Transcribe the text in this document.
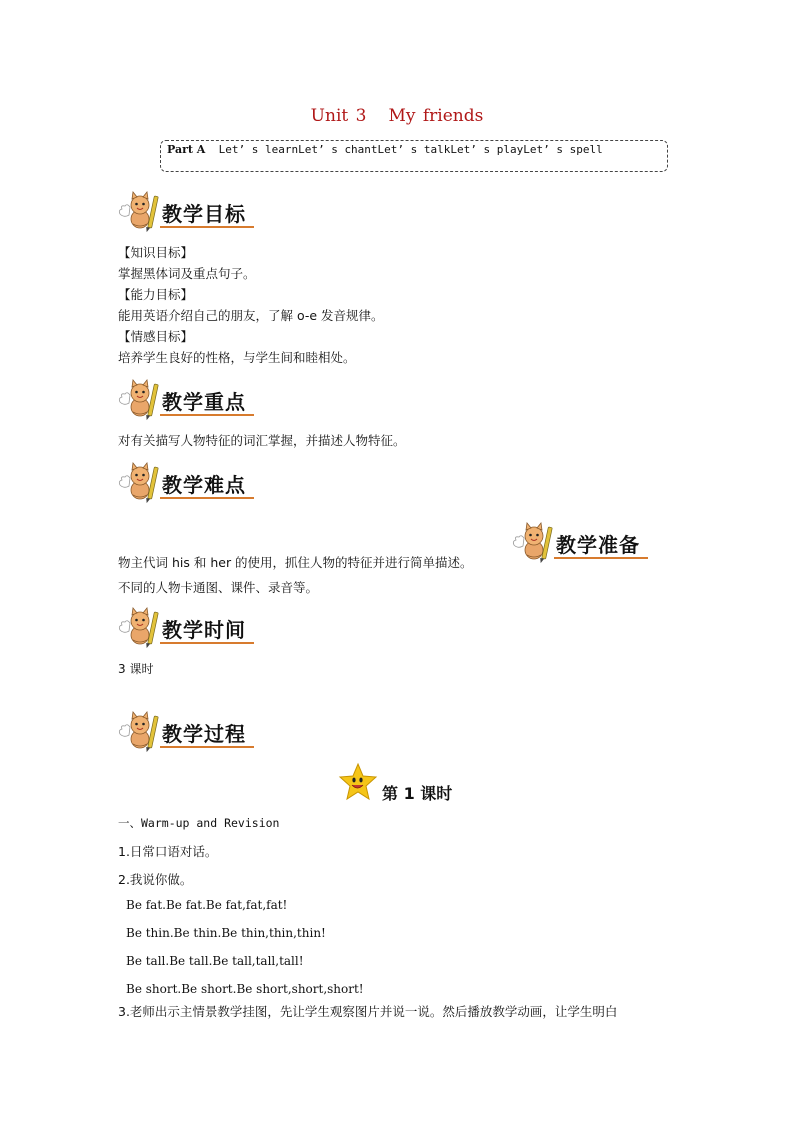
Unit 3 My friends
Part A Let’ s learnLet’ s chantLet’ s talkLet’ s playLet’ s spell
教学目标
【知识目标】
掌握黑体词及重点句子。
【能力目标】
能用英语介绍自己的朋友，了解 o-e 发音规律。
【情感目标】
培养学生良好的性格，与学生间和睦相处。
教学重点
对有关描写人物特征的词汇掌握，并描述人物特征。
教学难点
物主代词 his 和 her 的使用，抓住人物的特征并进行简单描述。
教学准备
不同的人物卡通图、课件、录音等。
教学时间
3 课时
教学过程
第 1 课时
一、Warm-up and Revision
1.日常口语对话。
2.我说你做。
Be fat.Be fat.Be fat,fat,fat!
Be thin.Be thin.Be thin,thin,thin!
Be tall.Be tall.Be tall,tall,tall!
Be short.Be short.Be short,short,short!
3.老师出示主情景教学挂图，先让学生观察图片并说一说。然后播放教学动画，让学生明白
